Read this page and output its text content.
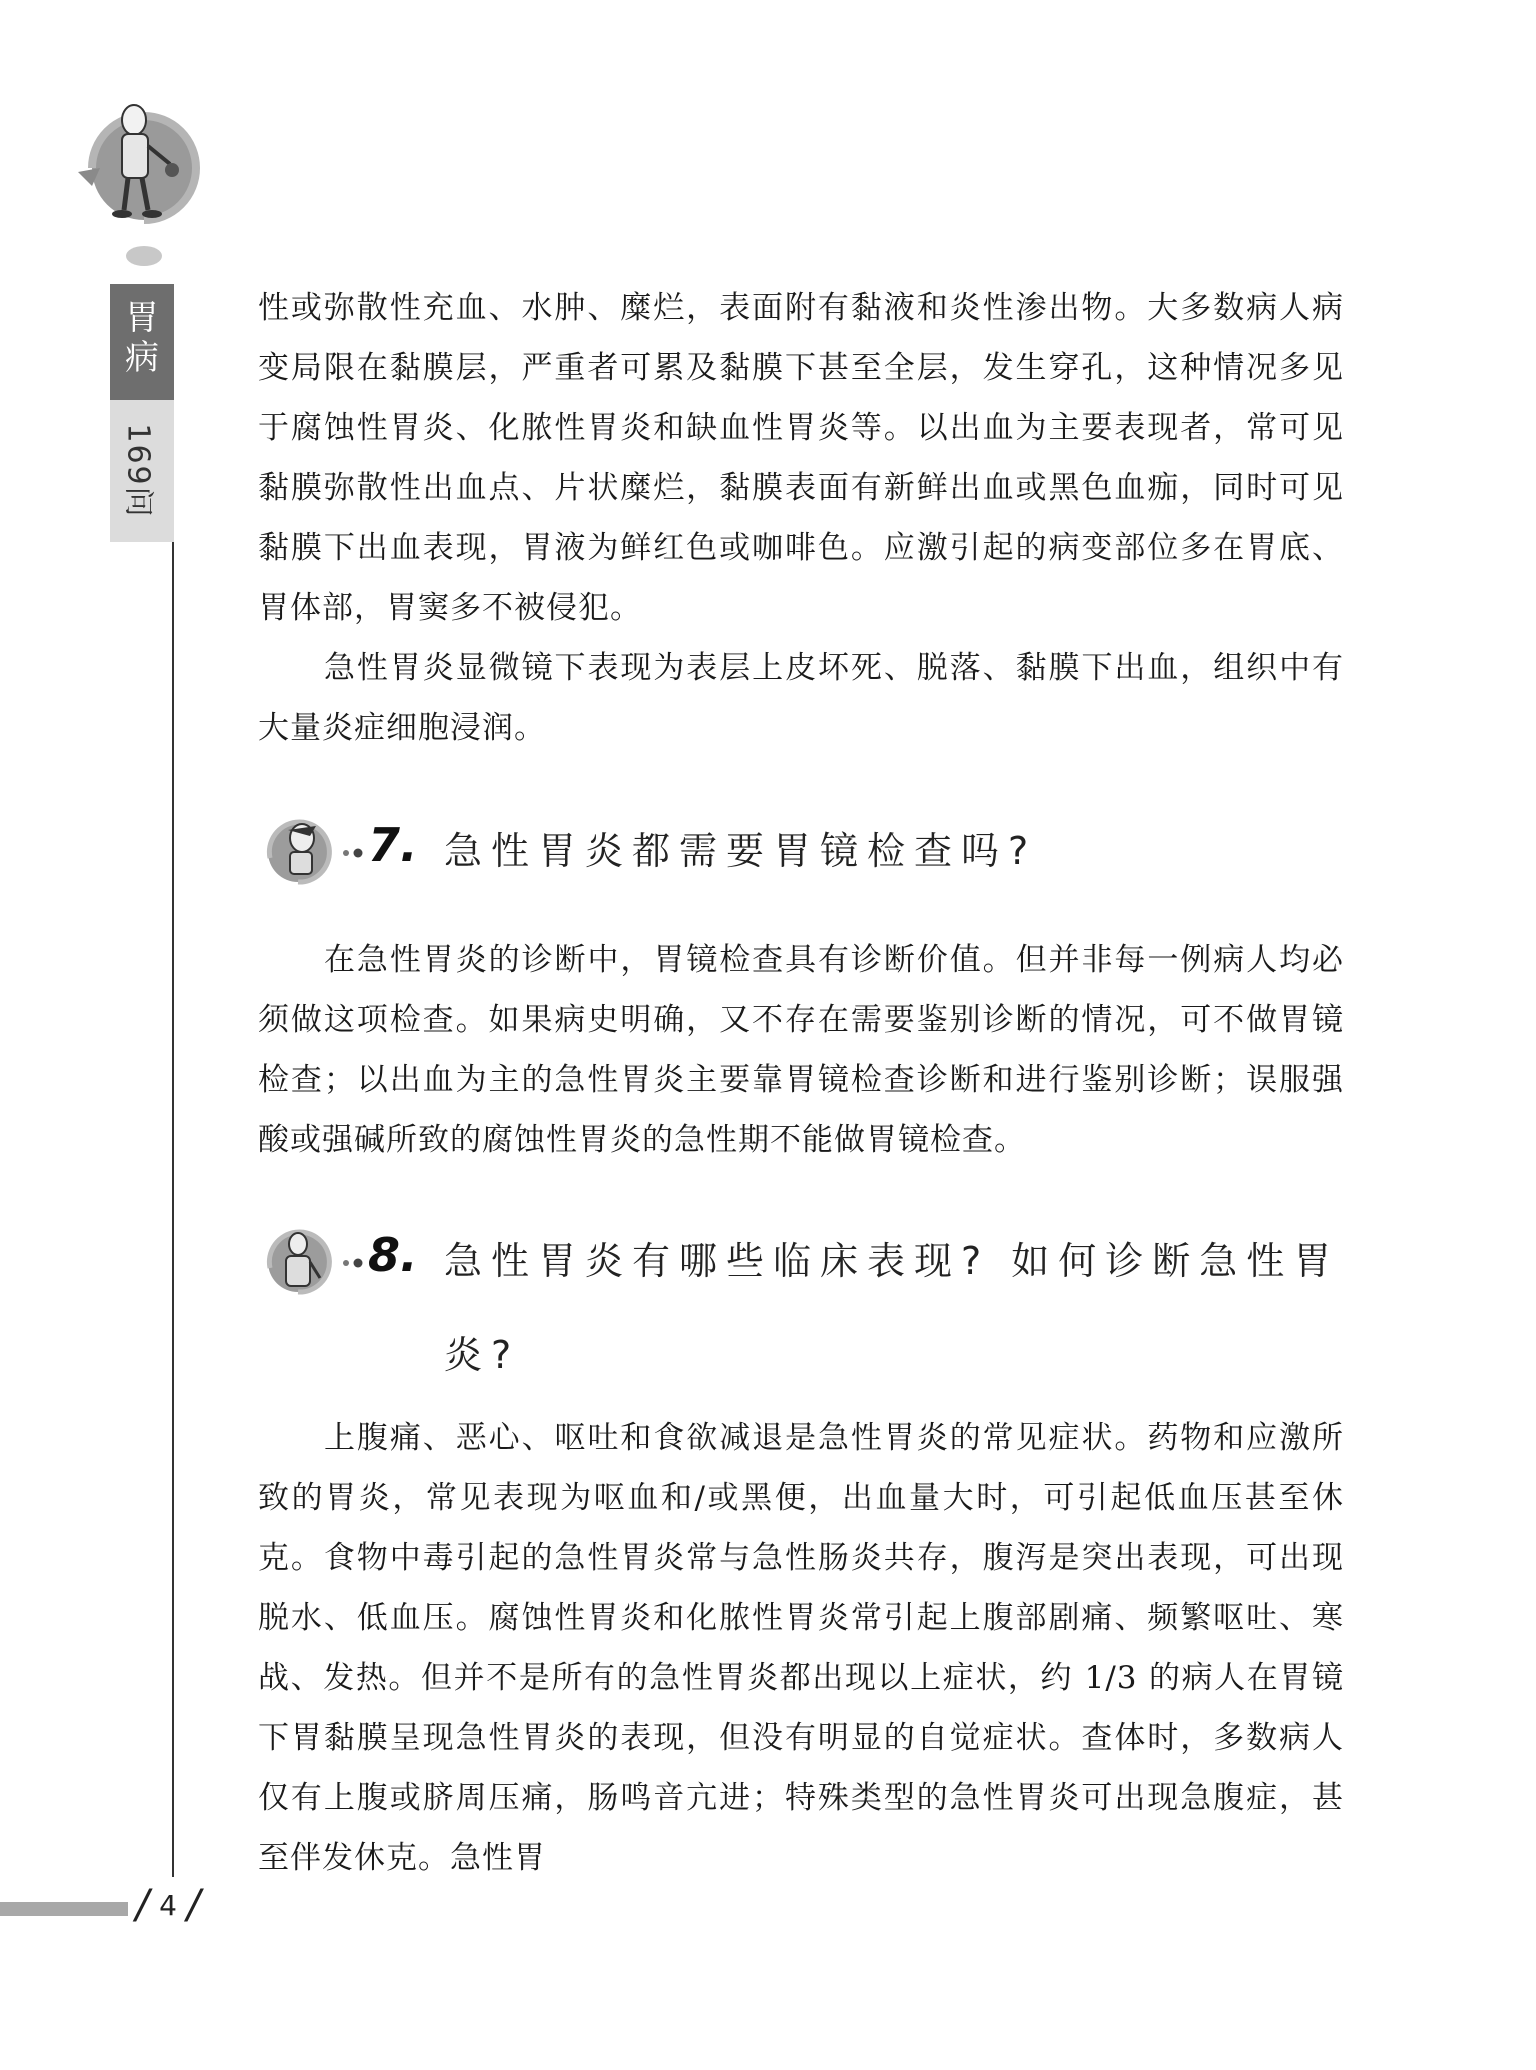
胃病
169问
/ 4 /

性或弥散性充血、水肿、糜烂，表面附有黏液和炎性渗出物。大多数病人病变局限在黏膜层，严重者可累及黏膜下甚至全层，发生穿孔，这种情况多见于腐蚀性胃炎、化脓性胃炎和缺血性胃炎等。以出血为主要表现者，常可见黏膜弥散性出血点、片状糜烂，黏膜表面有新鲜出血或黑色血痂，同时可见黏膜下出血表现，胃液为鲜红色或咖啡色。应激引起的病变部位多在胃底、胃体部，胃窦多不被侵犯。

急性胃炎显微镜下表现为表层上皮坏死、脱落、黏膜下出血，组织中有大量炎症细胞浸润。

7. 急性胃炎都需要胃镜检查吗?

在急性胃炎的诊断中，胃镜检查具有诊断价值。但并非每一例病人均必须做这项检查。如果病史明确，又不存在需要鉴别诊断的情况，可不做胃镜检查；以出血为主的急性胃炎主要靠胃镜检查诊断和进行鉴别诊断；误服强酸或强碱所致的腐蚀性胃炎的急性期不能做胃镜检查。

8. 急性胃炎有哪些临床表现? 如何诊断急性胃炎?

上腹痛、恶心、呕吐和食欲减退是急性胃炎的常见症状。药物和应激所致的胃炎，常见表现为呕血和/或黑便，出血量大时，可引起低血压甚至休克。食物中毒引起的急性胃炎常与急性肠炎共存，腹泻是突出表现，可出现脱水、低血压。腐蚀性胃炎和化脓性胃炎常引起上腹部剧痛、频繁呕吐、寒战、发热。但并不是所有的急性胃炎都出现以上症状，约 1/3 的病人在胃镜下胃黏膜呈现急性胃炎的表现，但没有明显的自觉症状。查体时，多数病人仅有上腹或脐周压痛，肠鸣音亢进；特殊类型的急性胃炎可出现急腹症，甚至伴发休克。急性胃
